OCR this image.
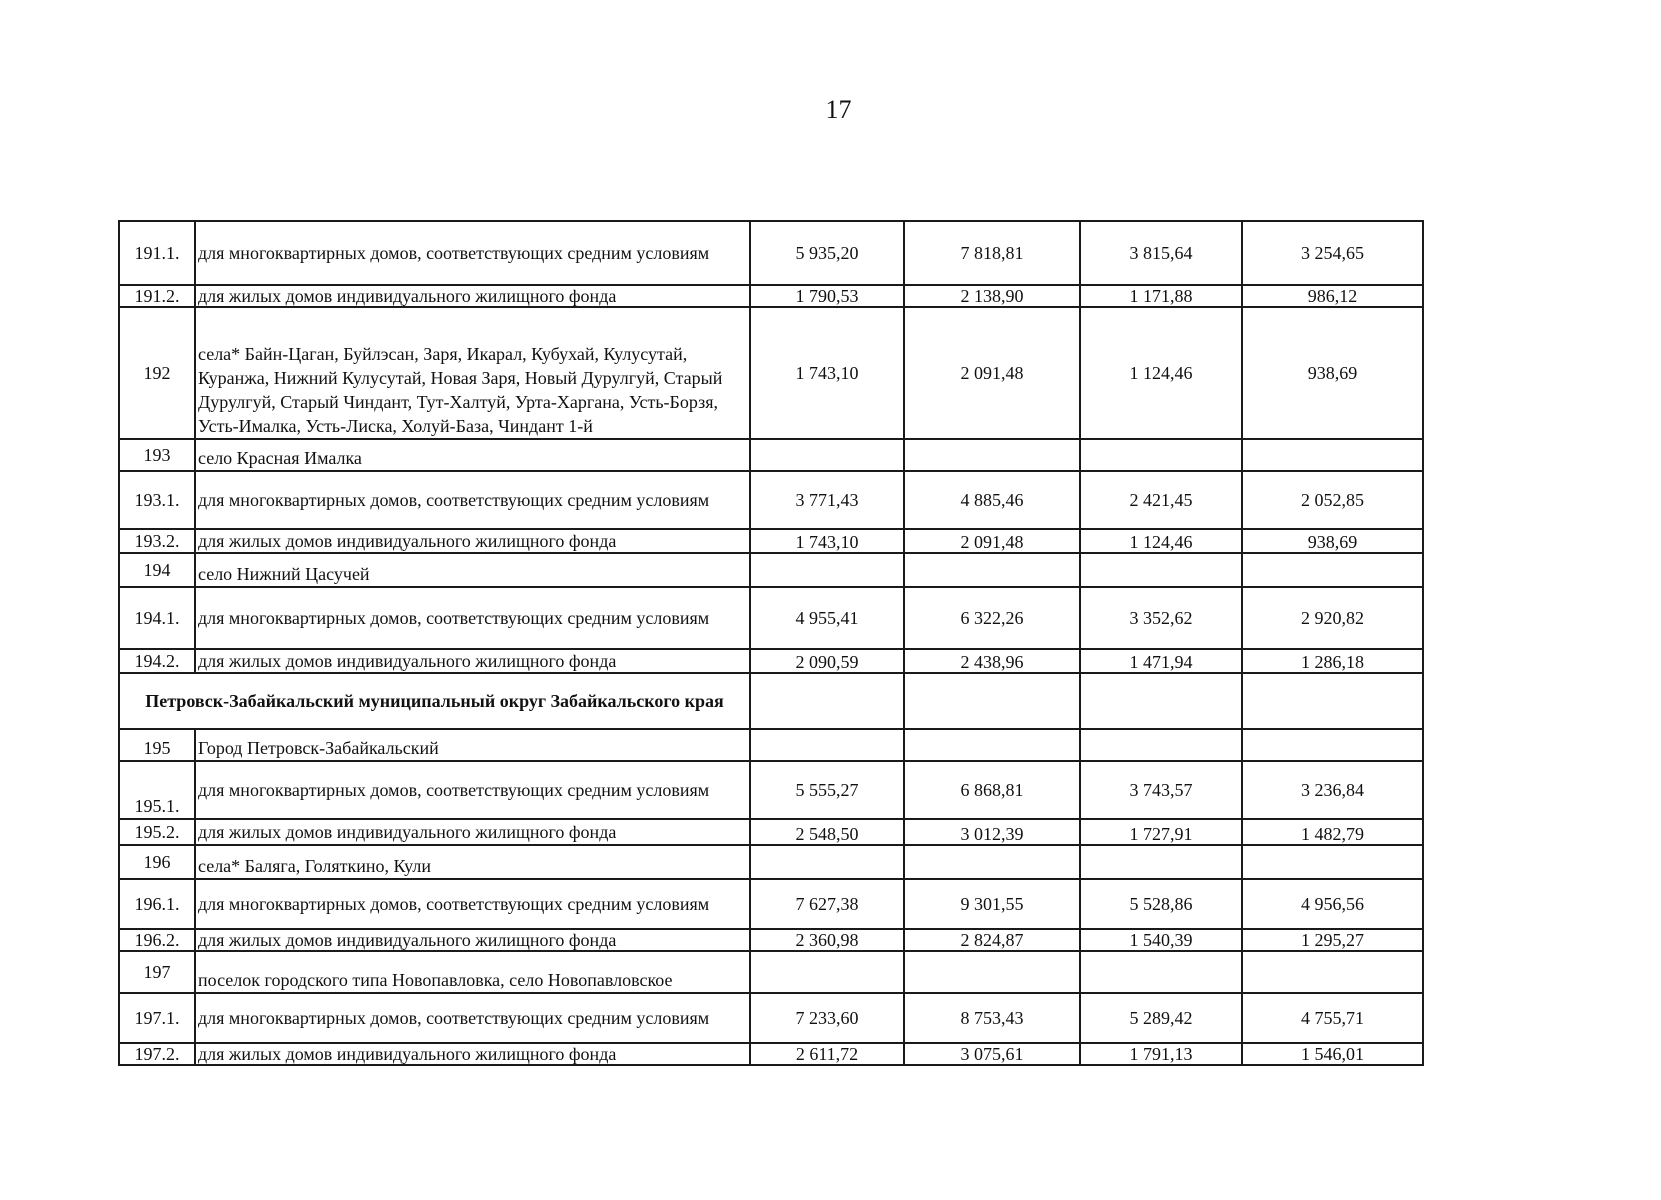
17
191.1.	для многоквартирных домов, соответствующих средним условиям	5 935,20	7 818,81	3 815,64	3 254,65
191.2.	для жилых домов индивидуального жилищного фонда	1 790,53	2 138,90	1 171,88	986,12
192	села* Байн-Цаган, Буйлэсан, Заря, Икарал, Кубухай, Кулусутай, Куранжа, Нижний Кулусутай, Новая Заря, Новый Дурулгуй, Старый Дурулгуй, Старый Чиндант, Тут-Халтуй, Урта-Харгана, Усть-Борзя, Усть-Ималка, Усть-Лиска, Холуй-База, Чиндант 1-й	1 743,10	2 091,48	1 124,46	938,69
193	село Красная Ималка				
193.1.	для многоквартирных домов, соответствующих средним условиям	3 771,43	4 885,46	2 421,45	2 052,85
193.2.	для жилых домов индивидуального жилищного фонда	1 743,10	2 091,48	1 124,46	938,69
194	село Нижний Цасучей				
194.1.	для многоквартирных домов, соответствующих средним условиям	4 955,41	6 322,26	3 352,62	2 920,82
194.2.	для жилых домов индивидуального жилищного фонда	2 090,59	2 438,96	1 471,94	1 286,18
Петровск-Забайкальский муниципальный округ Забайкальского края					
195	Город Петровск-Забайкальский				
195.1.	для многоквартирных домов, соответствующих средним условиям	5 555,27	6 868,81	3 743,57	3 236,84
195.2.	для жилых домов индивидуального жилищного фонда	2 548,50	3 012,39	1 727,91	1 482,79
196	села* Баляга, Голяткино, Кули				
196.1.	для многоквартирных домов, соответствующих средним условиям	7 627,38	9 301,55	5 528,86	4 956,56
196.2.	для жилых домов индивидуального жилищного фонда	2 360,98	2 824,87	1 540,39	1 295,27
197	поселок городского типа Новопавловка, село Новопавловское				
197.1.	для многоквартирных домов, соответствующих средним условиям	7 233,60	8 753,43	5 289,42	4 755,71
197.2.	для жилых домов индивидуального жилищного фонда	2 611,72	3 075,61	1 791,13	1 546,01
